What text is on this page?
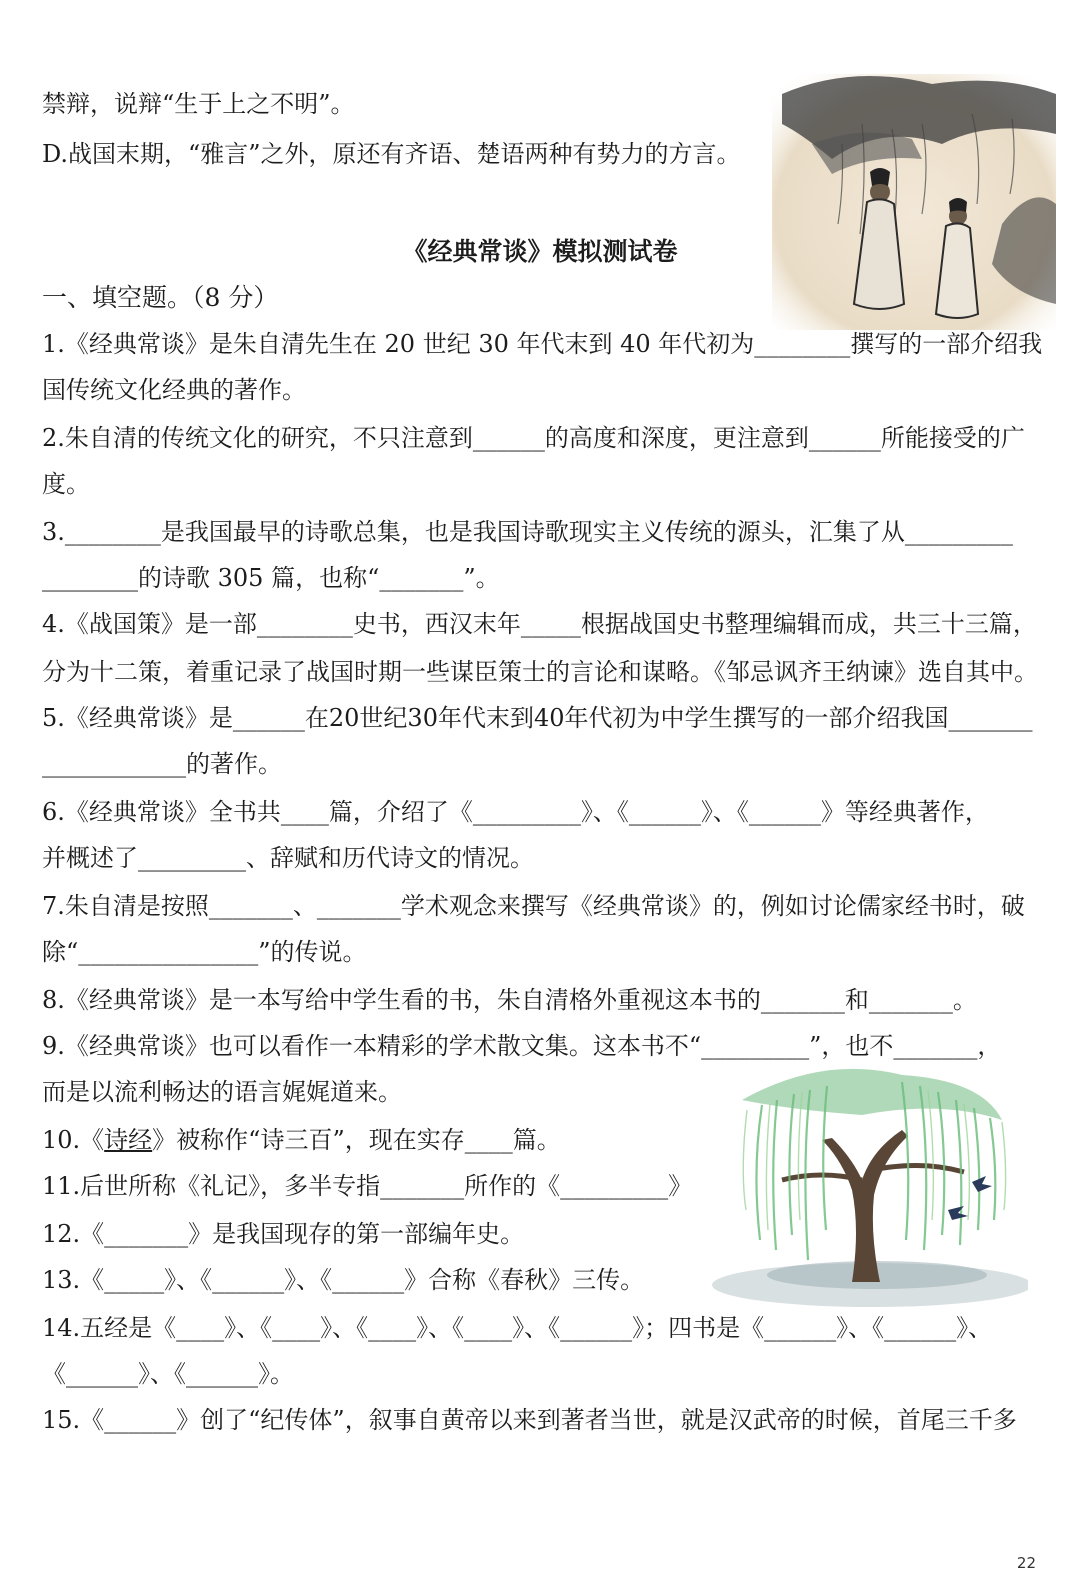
禁辩，说辩“生于上之不明”。
D.战国末期，“雅言”之外，原还有齐语、楚语两种有势力的方言。
《经典常谈》模拟测试卷
一、填空题。（8 分）
1.《经典常谈》是朱自清先生在 20 世纪 30 年代末到 40 年代初为________撰写的一部介绍我
国传统文化经典的著作。
2.朱自清的传统文化的研究，不只注意到______的高度和深度，更注意到______所能接受的广
度。
3.________是我国最早的诗歌总集，也是我国诗歌现实主义传统的源头，汇集了从_________
________的诗歌 305 篇，也称“_______”。
4.《战国策》是一部________史书，西汉末年_____根据战国史书整理编辑而成，共三十三篇，
分为十二策，着重记录了战国时期一些谋臣策士的言论和谋略。《邹忌讽齐王纳谏》选自其中。
5.《经典常谈》是______在20世纪30年代末到40年代初为中学生撰写的一部介绍我国_______
____________的著作。
6.《经典常谈》全书共____篇，介绍了《_________》、《______》、《______》等经典著作，
并概述了_________、辞赋和历代诗文的情况。
7.朱自清是按照_______、_______学术观念来撰写《经典常谈》的，例如讨论儒家经书时，破
除“_______________”的传说。
8.《经典常谈》是一本写给中学生看的书，朱自清格外重视这本书的_______和_______。
9.《经典常谈》也可以看作一本精彩的学术散文集。这本书不“_________”，也不_______，
而是以流利畅达的语言娓娓道来。
10.《诗经》被称作“诗三百”，现在实存____篇。
11.后世所称《礼记》，多半专指_______所作的《_________》
12.《_______》是我国现存的第一部编年史。
13.《_____》、《______》、《______》合称《春秋》三传。
14.五经是《____》、《____》、《____》、《____》、《______》；四书是《______》、《______》、
《______》、《______》。
15.《______》创了“纪传体”，叙事自黄帝以来到著者当世，就是汉武帝的时候，首尾三千多
22
